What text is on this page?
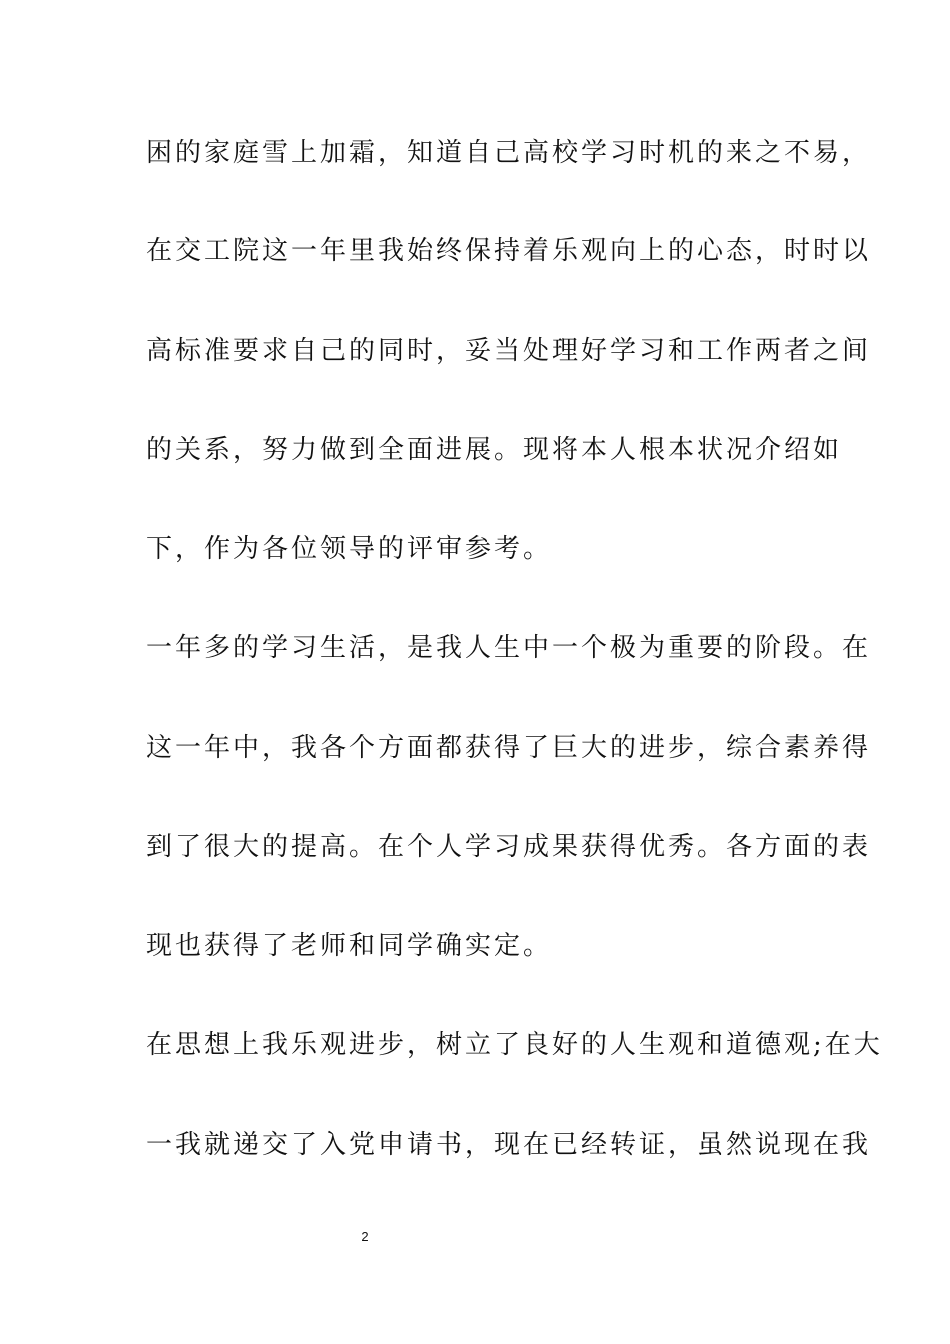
困的家庭雪上加霜，知道自己高校学习时机的来之不易，
在交工院这一年里我始终保持着乐观向上的心态，时时以
高标准要求自己的同时，妥当处理好学习和工作两者之间
的关系，努力做到全面进展。现将本人根本状况介绍如
下，作为各位领导的评审参考。
一年多的学习生活，是我人生中一个极为重要的阶段。在
这一年中，我各个方面都获得了巨大的进步，综合素养得
到了很大的提高。在个人学习成果获得优秀。各方面的表
现也获得了老师和同学确实定。
在思想上我乐观进步，树立了良好的人生观和道德观;在大
一我就递交了入党申请书，现在已经转证，虽然说现在我
2
